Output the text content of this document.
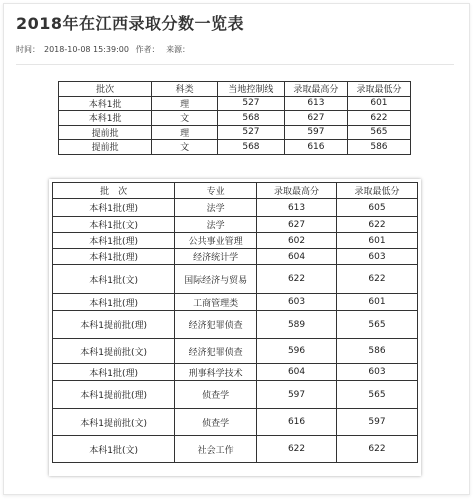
2018年在江西录取分数一览表
时间： 2018-10-08 15:39:00 作者： 来源：
批次	科类	当地控制线	录取最高分	录取最低分
本科1批	理	527	613	601
本科1批	文	568	627	622
提前批	理	527	597	565
提前批	文	568	616	586
批　次	专业	录取最高分	录取最低分
本科1批(理)	法学	613	605
本科1批(文)	法学	627	622
本科1批(理)	公共事业管理	602	601
本科1批(理)	经济统计学	604	603
本科1批(文)	国际经济与贸易	622	622
本科1批(理)	工商管理类	603	601
本科1提前批(理)	经济犯罪侦查	589	565
本科1提前批(文)	经济犯罪侦查	596	586
本科1批(理)	刑事科学技术	604	603
本科1提前批(理)	侦查学	597	565
本科1提前批(文)	侦查学	616	597
本科1批(文)	社会工作	622	622
